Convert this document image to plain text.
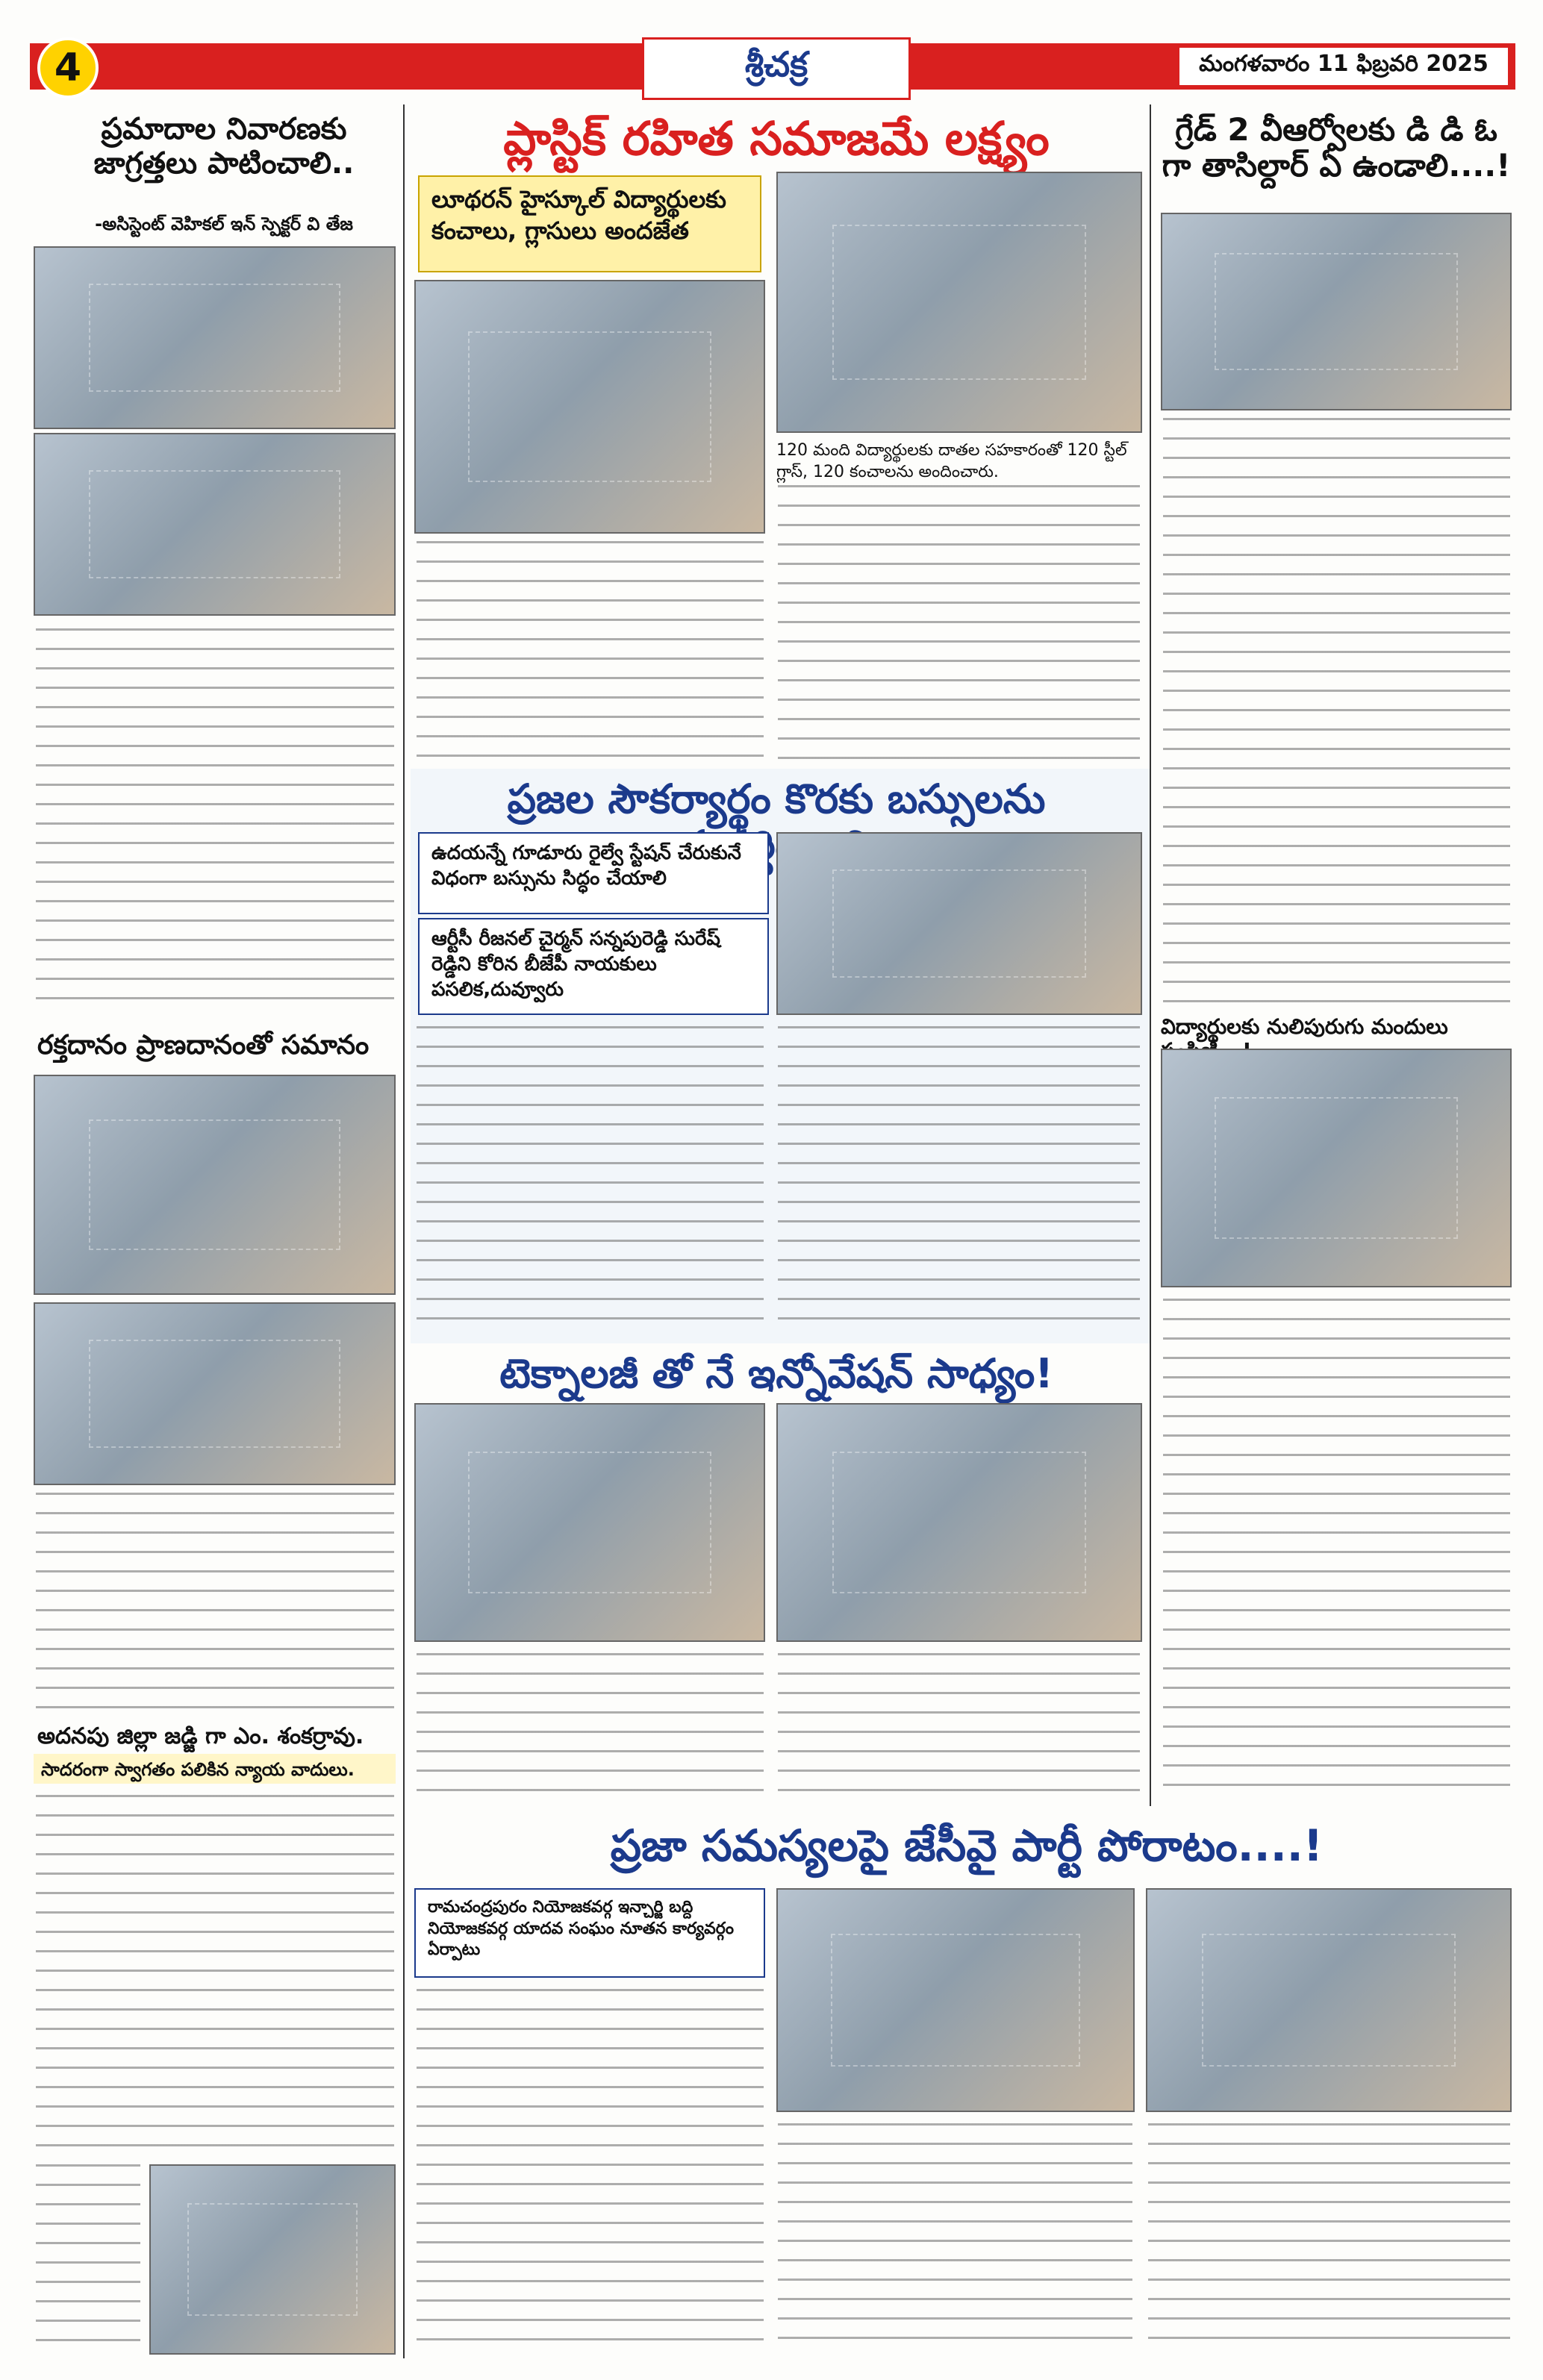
4	శ్రీచక్ర	మంగళవారం 11 ఫిబ్రవరి 2025
ప్రమాదాల నివారణకు జాగ్రత్తలు పాటించాలి..
-అసిస్టెంట్ వెహికల్ ఇన్ స్పెక్టర్ వి తేజ
రక్తదానం ప్రాణదానంతో సమానం
అదనపు జిల్లా జడ్జి గా ఎం. శంకర్రావు.
సాదరంగా స్వాగతం పలికిన న్యాయ వాదులు.
ప్లాస్టిక్ రహిత సమాజమే లక్ష్యం
లూథరన్ హైస్కూల్ విద్యార్థులకు కంచాలు, గ్లాసులు అందజేత
120 మంది విద్యార్థులకు దాతల సహకారంతో 120 స్టీల్ గ్లాస్, 120 కంచాలను అందించారు.
ప్రజల సౌకర్యార్థం కొరకు బస్సులను
ఉదయన్నే గూడూరు రైల్వే స్టేషన్ చేరుకునే విధంగా బస్సును సిద్ధం చేయాలి
ఆర్టీసీ రీజనల్ చైర్మన్ సన్నపురెడ్డి సురేష్ రెడ్డిని కోరిన బీజేపీ నాయకులు పసలిక,దువ్వూరు
టెక్నాలజీ తో నే ఇన్నోవేషన్ సాధ్యం!
గ్రేడ్ 2 వీఆర్వోలకు డి డి ఓ గా తాసిల్దార్ ఏ ఉండాలి....!
విద్యార్థులకు నులిపురుగు మందులు
ప్రజా సమస్యలపై జేసీవై పార్టీ పోరాటం....!
రామచంద్రపురం నియోజకవర్గ ఇన్చార్జి బద్ది నియోజకవర్గ యాదవ సంఘం నూతన కార్యవర్గం ఏర్పాటు
